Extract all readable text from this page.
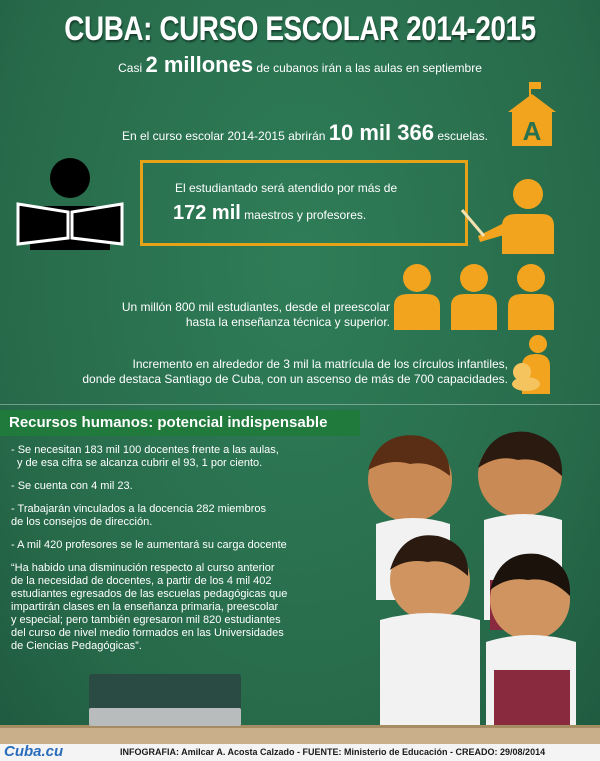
CUBA: CURSO ESCOLAR 2014-2015
Casi 2 millones de cubanos irán a las aulas en septiembre
A
En el curso escolar 2014-2015 abrirán 10 mil 366 escuelas.
El estudiantado será atendido por más de
172 mil maestros y profesores.
Un millón 800 mil estudiantes, desde el preescolar
hasta la enseñanza técnica y superior.
Incremento en alrededor de 3 mil la matrícula de los círculos infantiles,
donde destaca Santiago de Cuba, con un ascenso de más de 700 capacidades.
Recursos humanos: potencial indispensable

- Se necesitan 183 mil 100 docentes frente a las aulas,
y de esa cifra se alcanza cubrir el 93, 1 por ciento.

- Se cuenta con 4 mil 23.

- Trabajarán vinculados a la docencia 282 miembros
de los consejos de dirección.

- A mil 420 profesores se le aumentará su carga docente

“Ha habido una disminución respecto al curso anterior
de la necesidad de docentes, a partir de los 4 mil 402
estudiantes egresados de las escuelas pedagógicas que
impartirán clases en la enseñanza primaria, preescolar
y especial; pero también egresaron mil 820 estudiantes
del curso de nivel medio formados en las Universidades
de Ciencias Pedagógicas”.

Cuba.cu	INFOGRAFIA: Amilcar A. Acosta Calzado - FUENTE: Ministerio de Educación - CREADO: 29/08/2014
